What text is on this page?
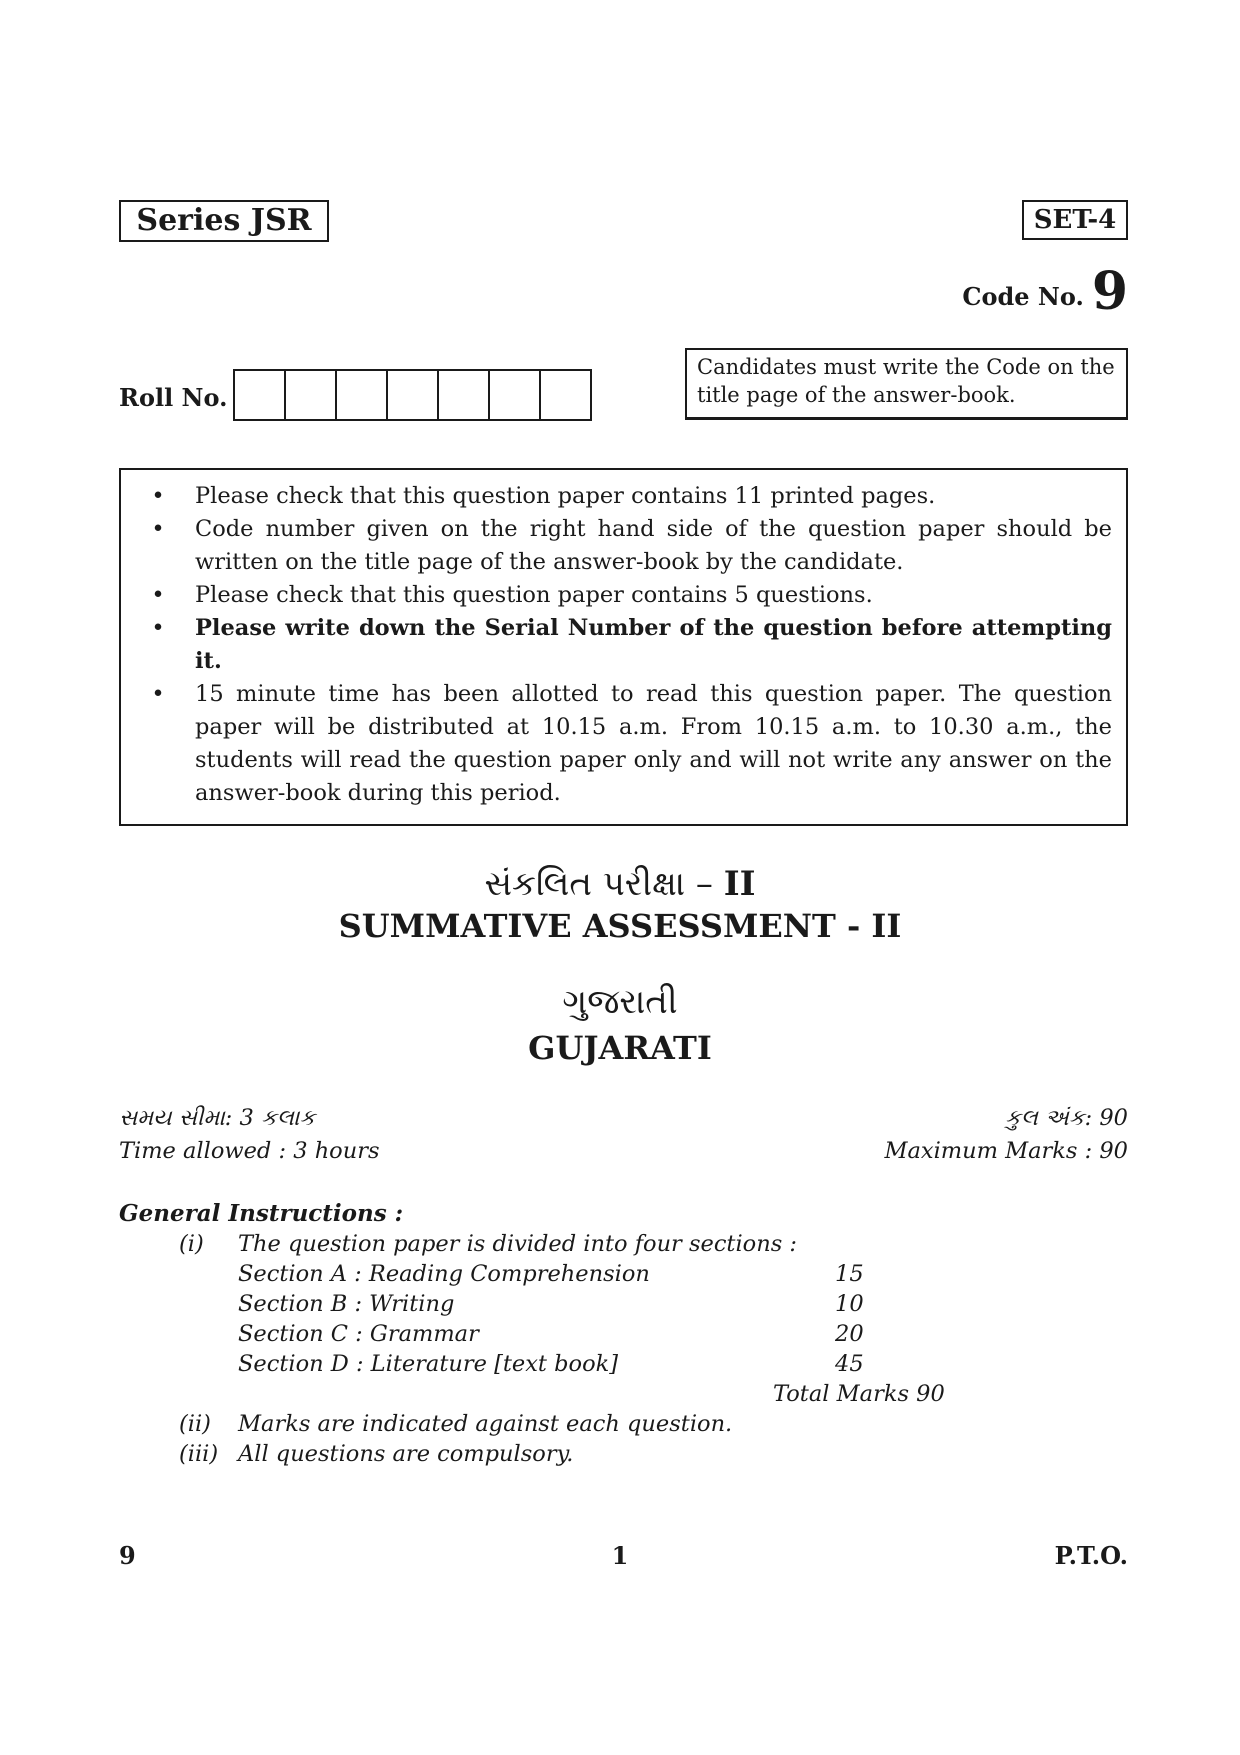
Series JSR	SET-4
Code No. 9
Roll No.
Candidates must write the Code on the title page of the answer-book.
•	Please check that this question paper contains 11 printed pages.
•	Code number given on the right hand side of the question paper should be written on the title page of the answer-book by the candidate.
•	Please check that this question paper contains 5 questions.
•	Please write down the Serial Number of the question before attempting it.
•	15 minute time has been allotted to read this question paper. The question paper will be distributed at 10.15 a.m. From 10.15 a.m. to 10.30 a.m., the students will read the question paper only and will not write any answer on the answer-book during this period.
સંકલિત પરીક્ષા – II
SUMMATIVE ASSESSMENT - II
ગુજરાતી
GUJARATI
સમય સીમા: 3 કલાક
Time allowed : 3 hours
કુલ અંક: 90
Maximum Marks : 90
General Instructions :
(i) The question paper is divided into four sections :
Section A : Reading Comprehension	15
Section B : Writing	10
Section C : Grammar	20
Section D : Literature [text book]	45
Total Marks 90
(ii) Marks are indicated against each question.
(iii) All questions are compulsory.
9	1	P.T.O.
